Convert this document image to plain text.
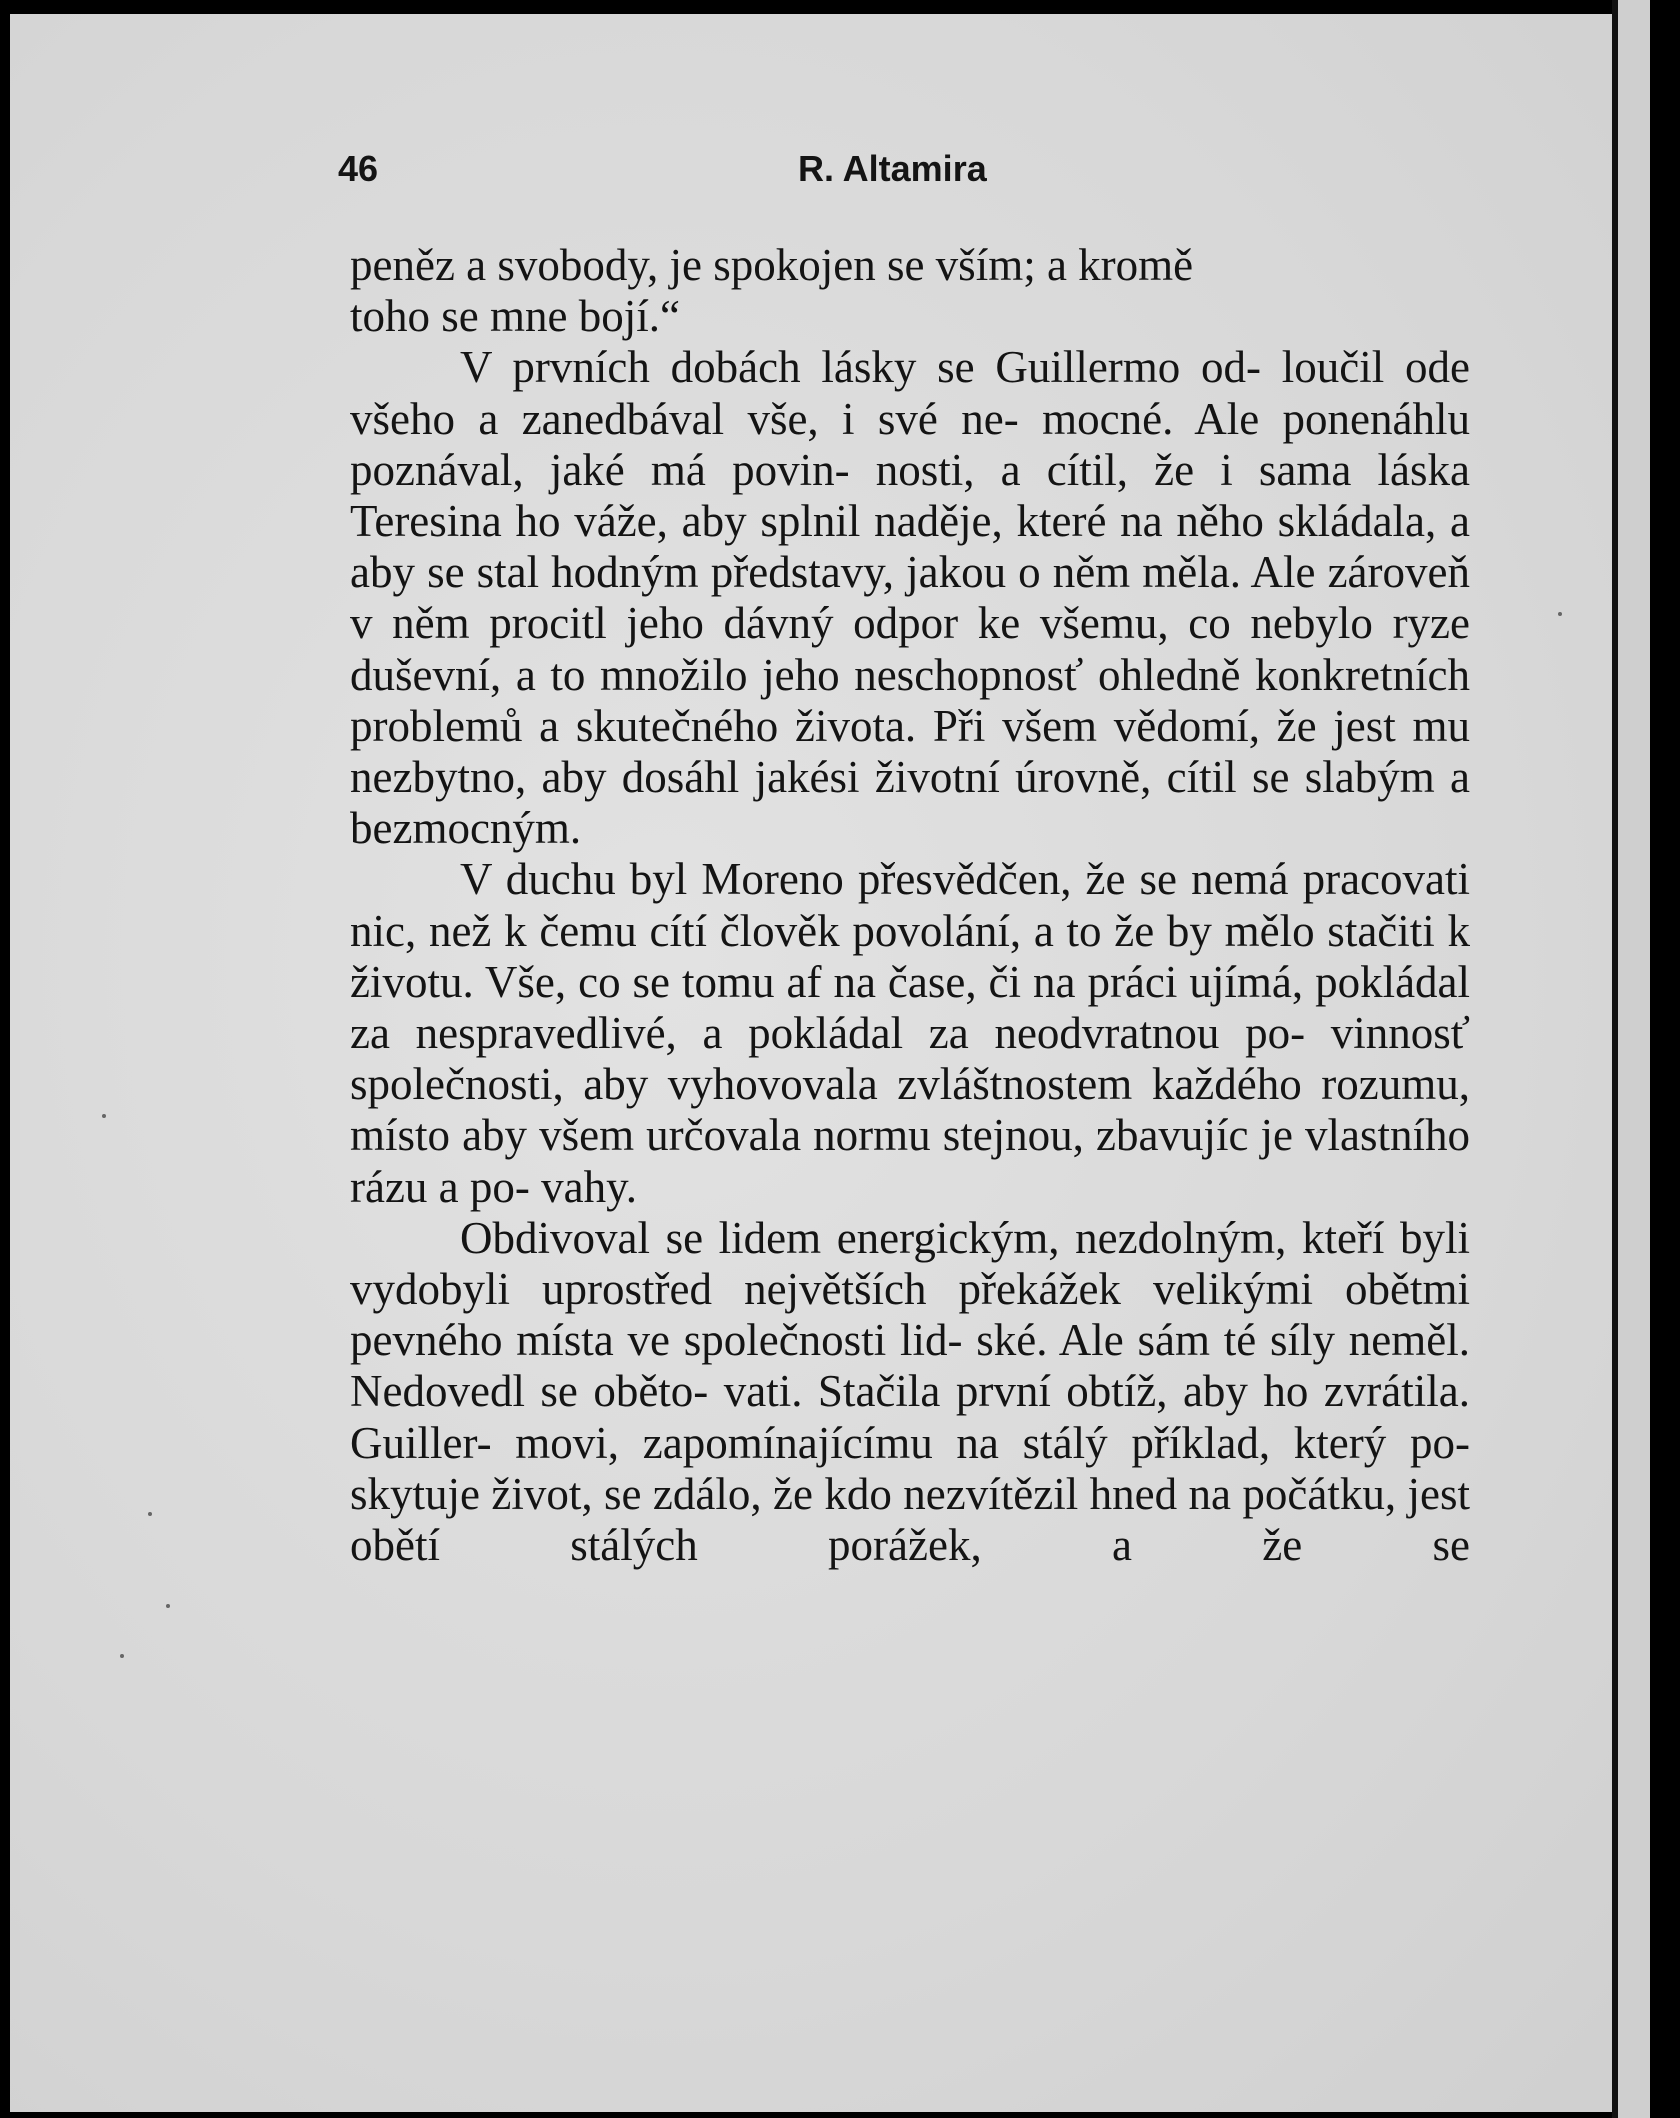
46	R. Altamira

peněz a svobody, je spokojen se vším; a kromě
toho se mne bojí.“

V prvních dobách lásky se Guillermo od- loučil ode všeho a zanedbával vše, i své ne- mocné. Ale ponenáhlu poznával, jaké má povin- nosti, a cítil, že i sama láska Teresina ho váže, aby splnil naděje, které na něho skládala, a aby se stal hodným představy, jakou o něm měla. Ale zároveň v něm procitl jeho dávný odpor ke všemu, co nebylo ryze duševní, a to množilo jeho neschopnosť ohledně konkretních problemů a skutečného života. Při všem vědomí, že jest mu nezbytno, aby dosáhl jakési životní úrovně, cítil se slabým a bezmocným.

V duchu byl Moreno přesvědčen, že se nemá pracovati nic, než k čemu cítí člověk povolání, a to že by mělo stačiti k životu. Vše, co se tomu af na čase, či na práci ujímá, pokládal za nespravedlivé, a pokládal za neodvratnou po- vinnosť společnosti, aby vyhovovala zvláštnostem každého rozumu, místo aby všem určovala normu stejnou, zbavujíc je vlastního rázu a po- vahy.

Obdivoval se lidem energickým, nezdolným, kteří byli vydobyli uprostřed největších překážek velikými obětmi pevného místa ve společnosti lid- ské. Ale sám té síly neměl. Nedovedl se oběto- vati. Stačila první obtíž, aby ho zvrátila. Guiller- movi, zapomínajícímu na stálý příklad, který po- skytuje život, se zdálo, že kdo nezvítězil hned na počátku, jest obětí stálých porážek, a že se
